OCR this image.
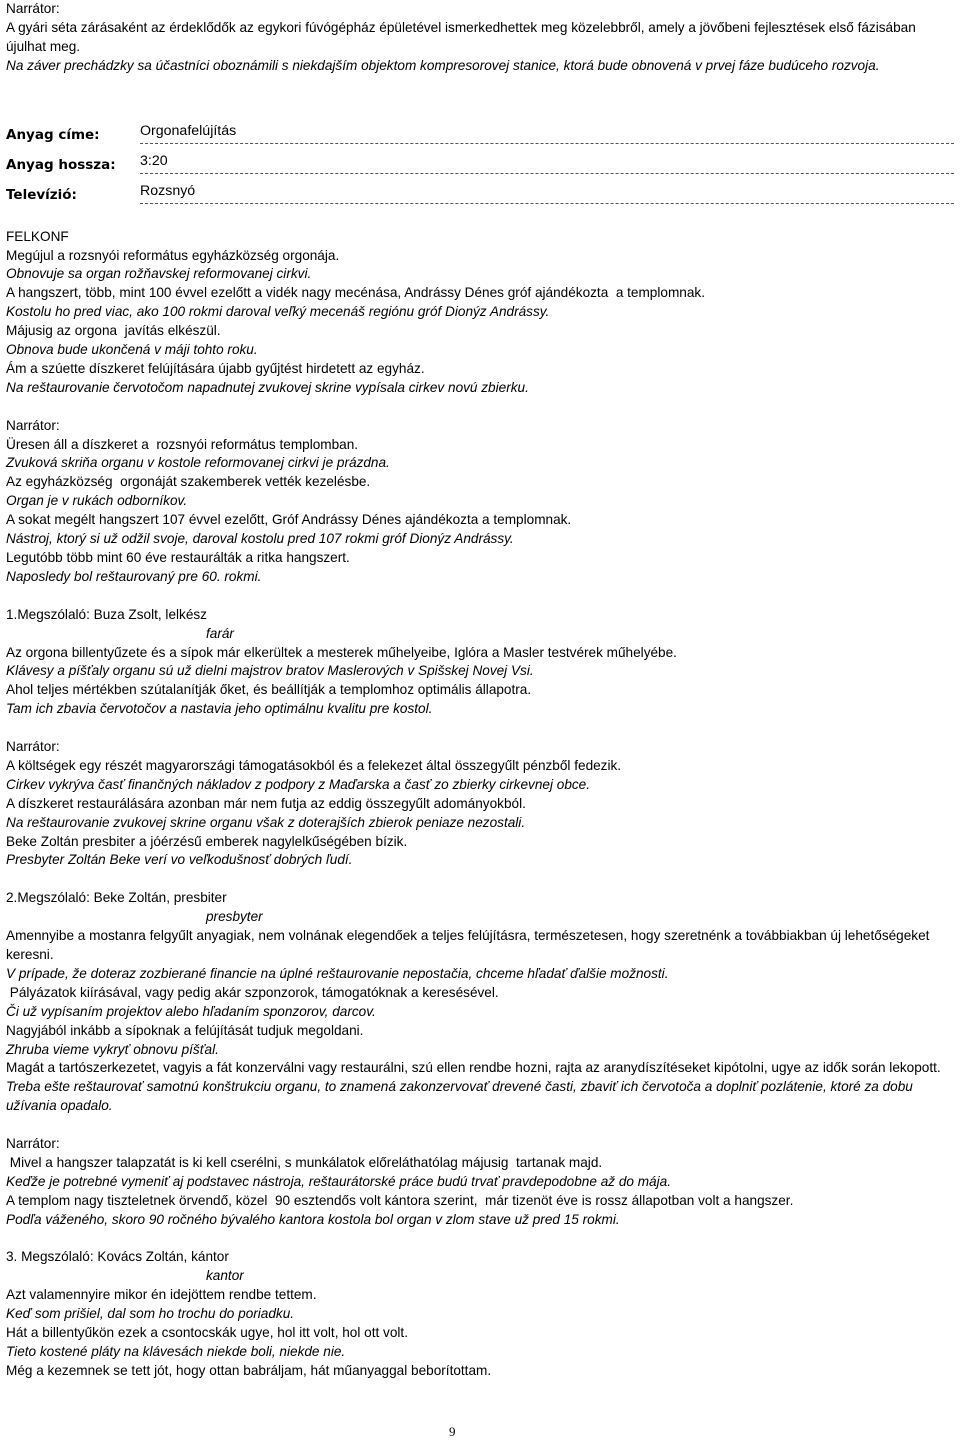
Narrátor:
A gyári séta zárásaként az érdeklődők az egykori fúvógépház épületével ismerkedhettek meg közelebbről, amely a jövőbeni fejlesztések első fázisában újulhat meg.
Na záver prechádzky sa účastníci oboznámili s niekdajším objektom kompresorovej stanice, ktorá bude obnovená v prvej fáze budúceho rozvoja.
Anyag címe:	Orgonafelújítás
Anyag hossza:	3:20
Televízió:	Rozsnyó
FELKONF
Megújul a rozsnyói református egyházközség orgonája.
Obnovuje sa organ rožňavskej reformovanej cirkvi.
A hangszert, több, mint 100 évvel ezelőtt a vidék nagy mecénása, Andrássy Dénes gróf ajándékozta  a templomnak.
Kostolu ho pred viac, ako 100 rokmi daroval veľký mecenáš regiónu gróf Dionýz Andrássy.
Májusig az orgona  javítás elkészül.
Obnova bude ukončená v máji tohto roku.
Ám a szúette díszkeret felújítására újabb gyűjtést hirdetett az egyház.
Na reštaurovanie červotočom napadnutej zvukovej skrine vypísala cirkev novú zbierku.
Narrátor:
Üresen áll a díszkeret a  rozsnyói református templomban.
Zvuková skriňa organu v kostole reformovanej cirkvi je prázdna.
Az egyházközség  orgonáját szakemberek vették kezelésbe.
Organ je v rukách odborníkov.
A sokat megélt hangszert 107 évvel ezelőtt, Gróf Andrássy Dénes ajándékozta a templomnak.
Nástroj, ktorý si už odžil svoje, daroval kostolu pred 107 rokmi gróf Dionýz Andrássy.
Legutóbb több mint 60 éve restaurálták a ritka hangszert.
Naposledy bol reštaurovaný pre 60. rokmi.
1.Megszólaló: Buza Zsolt, lelkész
farár
Az orgona billentyűzete és a sípok már elkerültek a mesterek műhelyeibe, Iglóra a Masler testvérek műhelyébe.
Klávesy a píšťaly organu sú už dielni majstrov bratov Maslerových v Spišskej Novej Vsi.
Ahol teljes mértékben szútalanítják őket, és beállítják a templomhoz optimális állapotra.
Tam ich zbavia červotočov a nastavia jeho optimálnu kvalitu pre kostol.
Narrátor:
A költségek egy részét magyarországi támogatásokból és a felekezet által összegyűlt pénzből fedezik.
Cirkev vykrýva časť finančných nákladov z podpory z Maďarska a časť zo zbierky cirkevnej obce.
A díszkeret restaurálására azonban már nem futja az eddig összegyűlt adományokból.
Na reštaurovanie zvukovej skrine organu však z doterajších zbierok peniaze nezostali.
Beke Zoltán presbiter a jóérzésű emberek nagylelkűségében bízik.
Presbyter Zoltán Beke verí vo veľkodušnosť dobrých ľudí.
2.Megszólaló: Beke Zoltán, presbiter
presbyter
Amennyibe a mostanra felgyűlt anyagiak, nem volnának elegendőek a teljes felújításra, természetesen, hogy szeretnénk a továbbiakban új lehetőségeket keresni.
V prípade, že doteraz zozbierané financie na úplné reštaurovanie nepostačia, chceme hľadať ďalšie možnosti.
Pályázatok kiírásával, vagy pedig akár szponzorok, támogatóknak a keresésével.
Či už vypísaním projektov alebo hľadaním sponzorov, darcov.
Nagyjából inkább a sípoknak a felújítását tudjuk megoldani.
Zhruba vieme vykryť obnovu píšťal.
Magát a tartószerkezetet, vagyis a fát konzerválni vagy restaurálni, szú ellen rendbe hozni, rajta az aranydíszítéseket kipótolni, ugye az idők során lekopott.
Treba ešte reštaurovať samotnú konštrukciu organu, to znamená zakonzervovať drevené časti, zbaviť ich červotoča a doplniť pozlátenie, ktoré za dobu užívania opadalo.
Narrátor:
Mivel a hangszer talapzatát is ki kell cserélni, s munkálatok előreláthatólag májusig  tartanak majd.
Keďže je potrebné vymeniť aj podstavec nástroja, reštaurátorské práce budú trvať pravdepodobne až do mája.
A templom nagy tiszteletnek örvendő, közel  90 esztendős volt kántora szerint,  már tizenöt éve is rossz állapotban volt a hangszer.
Podľa váženého, skoro 90 ročného bývalého kantora kostola bol organ v zlom stave už pred 15 rokmi.
3. Megszólaló: Kovács Zoltán, kántor
kantor
Azt valamennyire mikor én idejöttem rendbe tettem.
Keď som prišiel, dal som ho trochu do poriadku.
Hát a billentyűkön ezek a csontocskák ugye, hol itt volt, hol ott volt.
Tieto kostené pláty na klávesách niekde boli, niekde nie.
Még a kezemnek se tett jót, hogy ottan babráljam, hát műanyaggal beborítottam.
9
